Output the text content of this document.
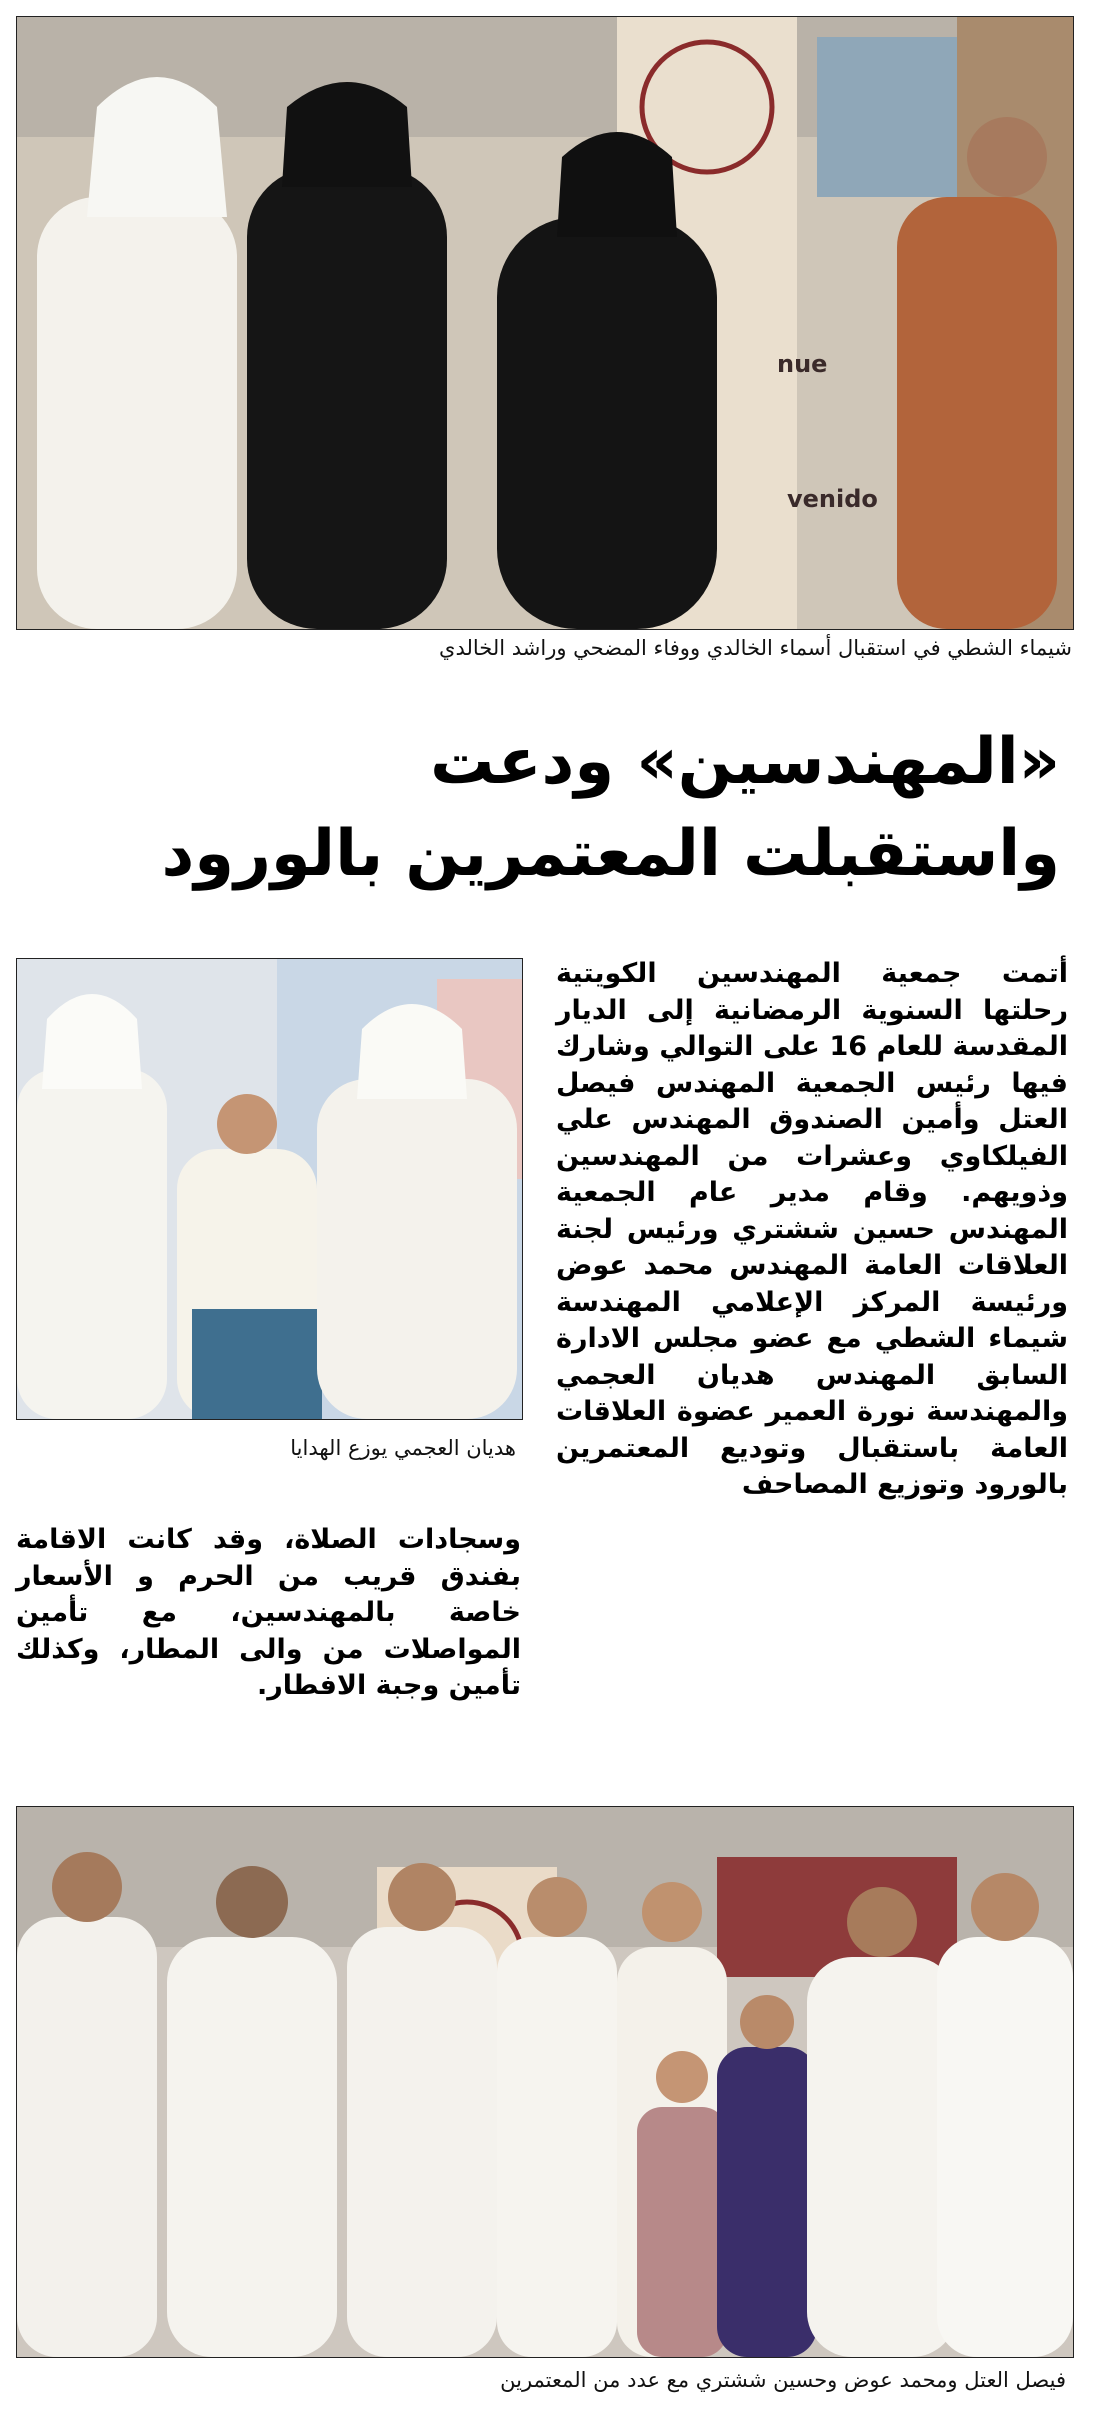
nue
venido
شيماء الشطي في استقبال أسماء الخالدي ووفاء المضحي وراشد الخالدي
«المهندسين» ودعت
واستقبلت المعتمرين بالورود
هديان العجمي يوزع الهدايا

أتمت جمعية المهندسين الكويتية رحلتها السنوية الرمضانية إلى الديار المقدسة للعام 16 على التوالي وشارك فيها رئيس الجمعية المهندس فيصل العتل وأمين الصندوق المهندس علي الفيلكاوي وعشرات من المهندسين وذويهم. وقام مدير عام الجمعية المهندس حسين ششتري ورئيس لجنة العلاقات العامة المهندس محمد عوض ورئيسة المركز الإعلامي المهندسة شيماء الشطي مع عضو مجلس الادارة السابق المهندس هديان العجمي والمهندسة نورة العمير عضوة العلاقات العامة باستقبال وتوديع المعتمرين بالورود وتوزيع المصاحف

وسجادات الصلاة، وقد كانت الاقامة بفندق قريب من الحرم و الأسعار خاصة بالمهندسين، مع تأمين المواصلات من والى المطار، وكذلك تأمين وجبة الافطار.

فيصل العتل ومحمد عوض وحسين ششتري مع عدد من المعتمرين
